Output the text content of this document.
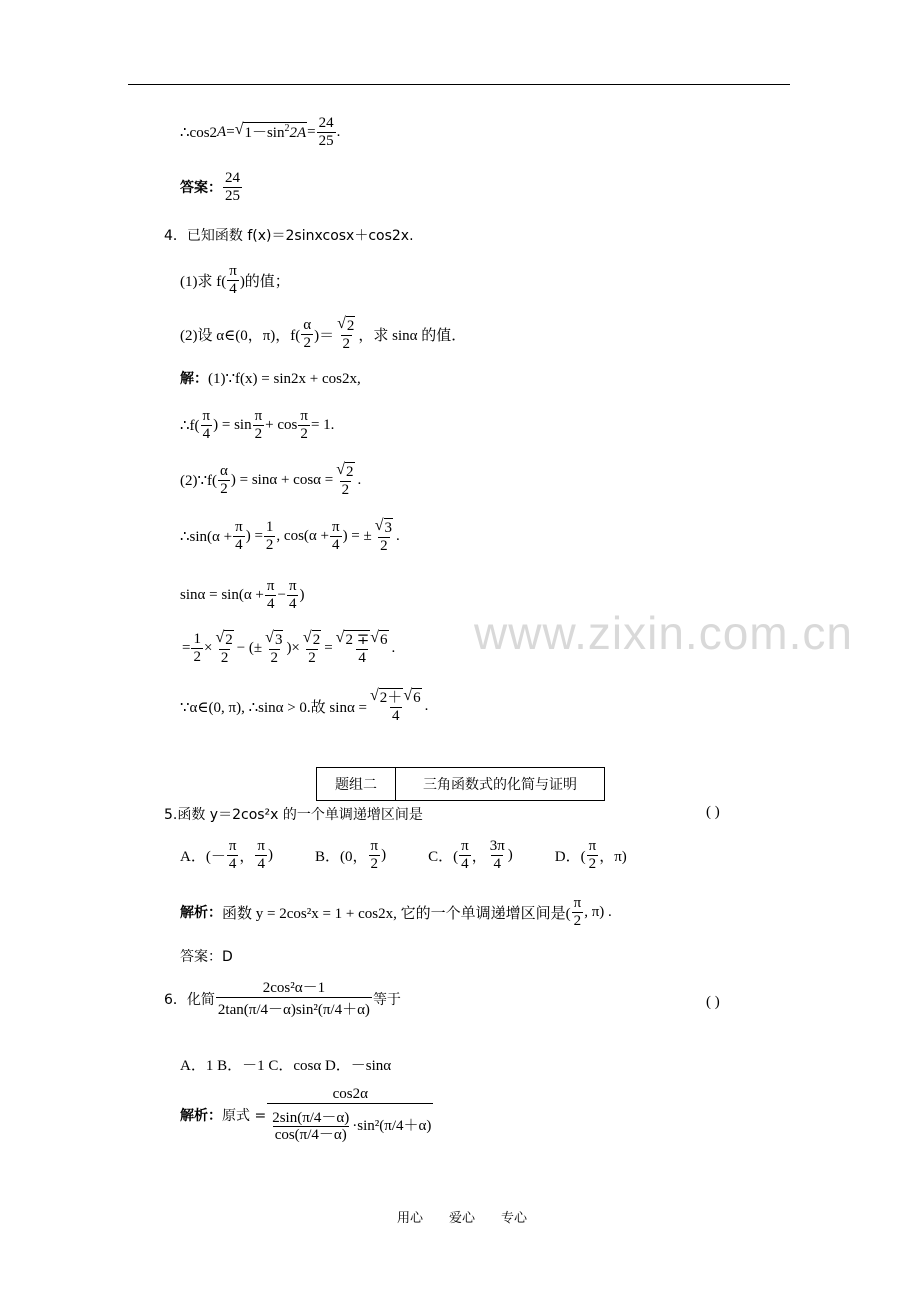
www.zixin.com.cn
∴cos2 A = √ $1-\sin^22A = \frac{24}{25}$ .
答案： $\frac{24}{25}$
4．已知函数 f(x)＝2sinxcosx＋cos2x.
(1)求 $f( \frac{\pi}{4}$ )的值；
(2)设 α∈(0，π)，$f( \frac{\alpha}{2}$ )＝ $\frac{√ 2}{2}$ ，求 sinα 的值．
解： (1)∵f(x) = sin2x + cos2x,
∴f( $\frac{\pi}{4}$ ) = $\sin \frac{\pi}{2} + \cos \frac{\pi}{2} = 1$.
(2)∵f( $\frac{\alpha}{2}$ ) = $\sin\alpha + \cos\alpha = \frac{√ 2}{2}$ .
∴sin(α + $\frac{\pi}{4}$ ) = $\frac{1}{2}$ , $\cos(\alpha + \frac{\pi}{4}$ ) = ± $\frac{√ 3}{2}$ .
$\sin\alpha = \sin(\alpha + \frac{\pi}{4} - \frac{\pi}{4}$ )
= $\frac{1}{2} \times \frac{√ 2}{2}$ − (± $\frac{√ 3}{2}$ )× $\frac{√ 2}{2} = \frac{√ 2 \mp √ 6}{4}$ .
∵α∈(0, π), ∴sinα > 0.故 $\sin\alpha = \frac{√ 2+ √ 6}{4}$ .
题组二	三角函数式的化简与证明
5.函数 y＝2cos²x 的一个单调递增区间是	( )
A．(－ $\frac{\pi}{4}$ ， $\frac{\pi}{4}$ )	B．(0， $\frac{\pi}{2}$ )	C．( $\frac{\pi}{4}$ ， $\frac{3\pi}{4}$ )	D．( $\frac{\pi}{2}$ ，π)
解析： 函数 y = 2cos²x = 1 + cos2x, 它的一个单调递增区间是( $\frac{\pi}{2}$ , π) .
答案：D
6．化简 $\frac{\text{2cos²α－1}}{\text{2tan(π/4－α)sin²(π/4＋α)}}$ 等于	( )
A．1 B．－1 C．cosα D．－sinα
解析： 原式 = $\frac{\cos 2\alpha}{\frac{2\sin(\pi/4-\alpha)}{\cos(\pi/4-\alpha)} \cdot\sin^2(\pi/4+\alpha)}$
用心 爱心 专心
